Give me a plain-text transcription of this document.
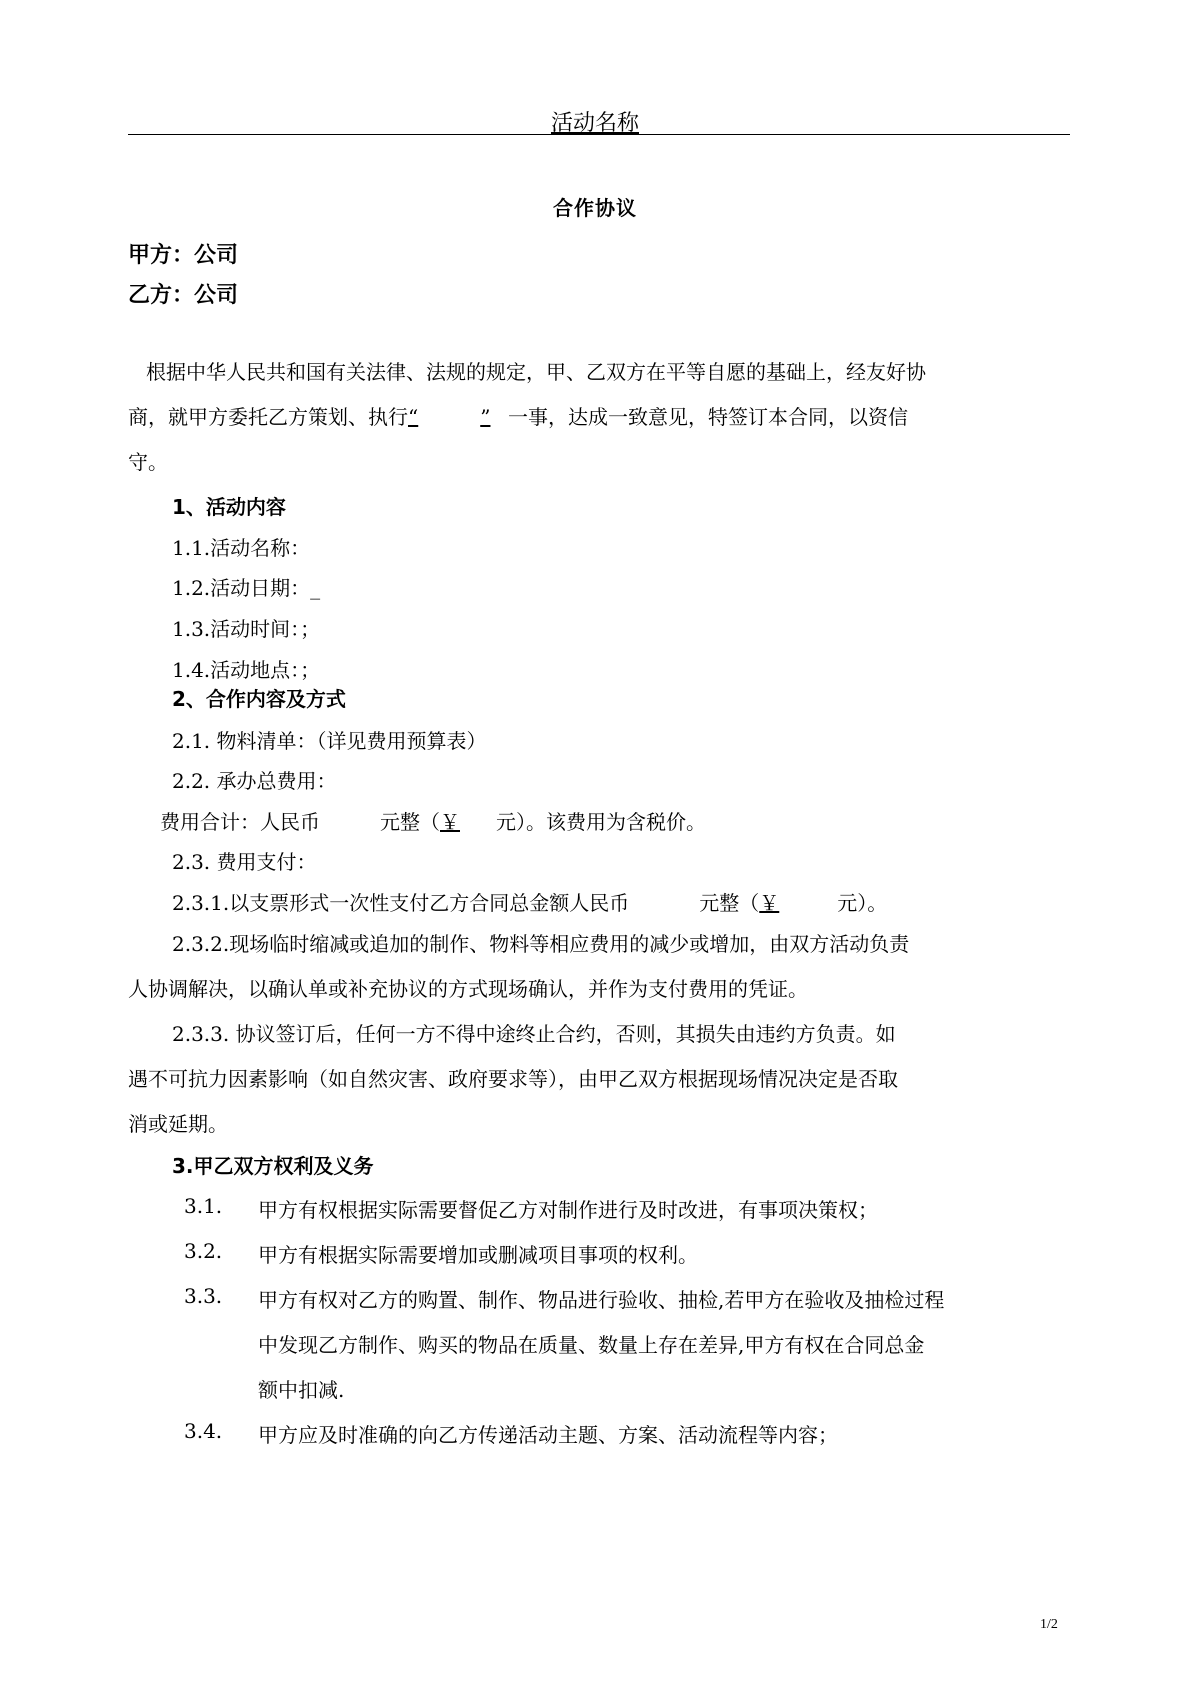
活动名称
合作协议
甲方：公司
乙方：公司
根据中华人民共和国有关法律、法规的规定，甲、乙双方在平等自愿的基础上，经友好协
商，就甲方委托乙方策划、执行“	” 一事，达成一致意见，特签订本合同，以资信
守。
1、活动内容
1.1.活动名称：
1.2.活动日期：_
1.3.活动时间：；
1.4.活动地点：；
2、合作内容及方式
2.1. 物料清单：（详见费用预算表）
2.2. 承办总费用：
费用合计：人民币	元整（￥ 元）。该费用为含税价。
2.3. 费用支付：
2.3.1.以支票形式一次性支付乙方合同总金额人民币	元整（￥	元）。
2.3.2.现场临时缩减或追加的制作、物料等相应费用的减少或增加，由双方活动负责
人协调解决，以确认单或补充协议的方式现场确认，并作为支付费用的凭证。
2.3.3. 协议签订后，任何一方不得中途终止合约，否则，其损失由违约方负责。如
遇不可抗力因素影响（如自然灾害、政府要求等），由甲乙双方根据现场情况决定是否取
消或延期。
3.甲乙双方权利及义务
3.1. 甲方有权根据实际需要督促乙方对制作进行及时改进，有事项决策权；
3.2. 甲方有根据实际需要增加或删减项目事项的权利。
3.3. 甲方有权对乙方的购置、制作、物品进行验收、抽检,若甲方在验收及抽检过程
中发现乙方制作、购买的物品在质量、数量上存在差异,甲方有权在合同总金
额中扣减.
3.4. 甲方应及时准确的向乙方传递活动主题、方案、活动流程等内容；
1/2
